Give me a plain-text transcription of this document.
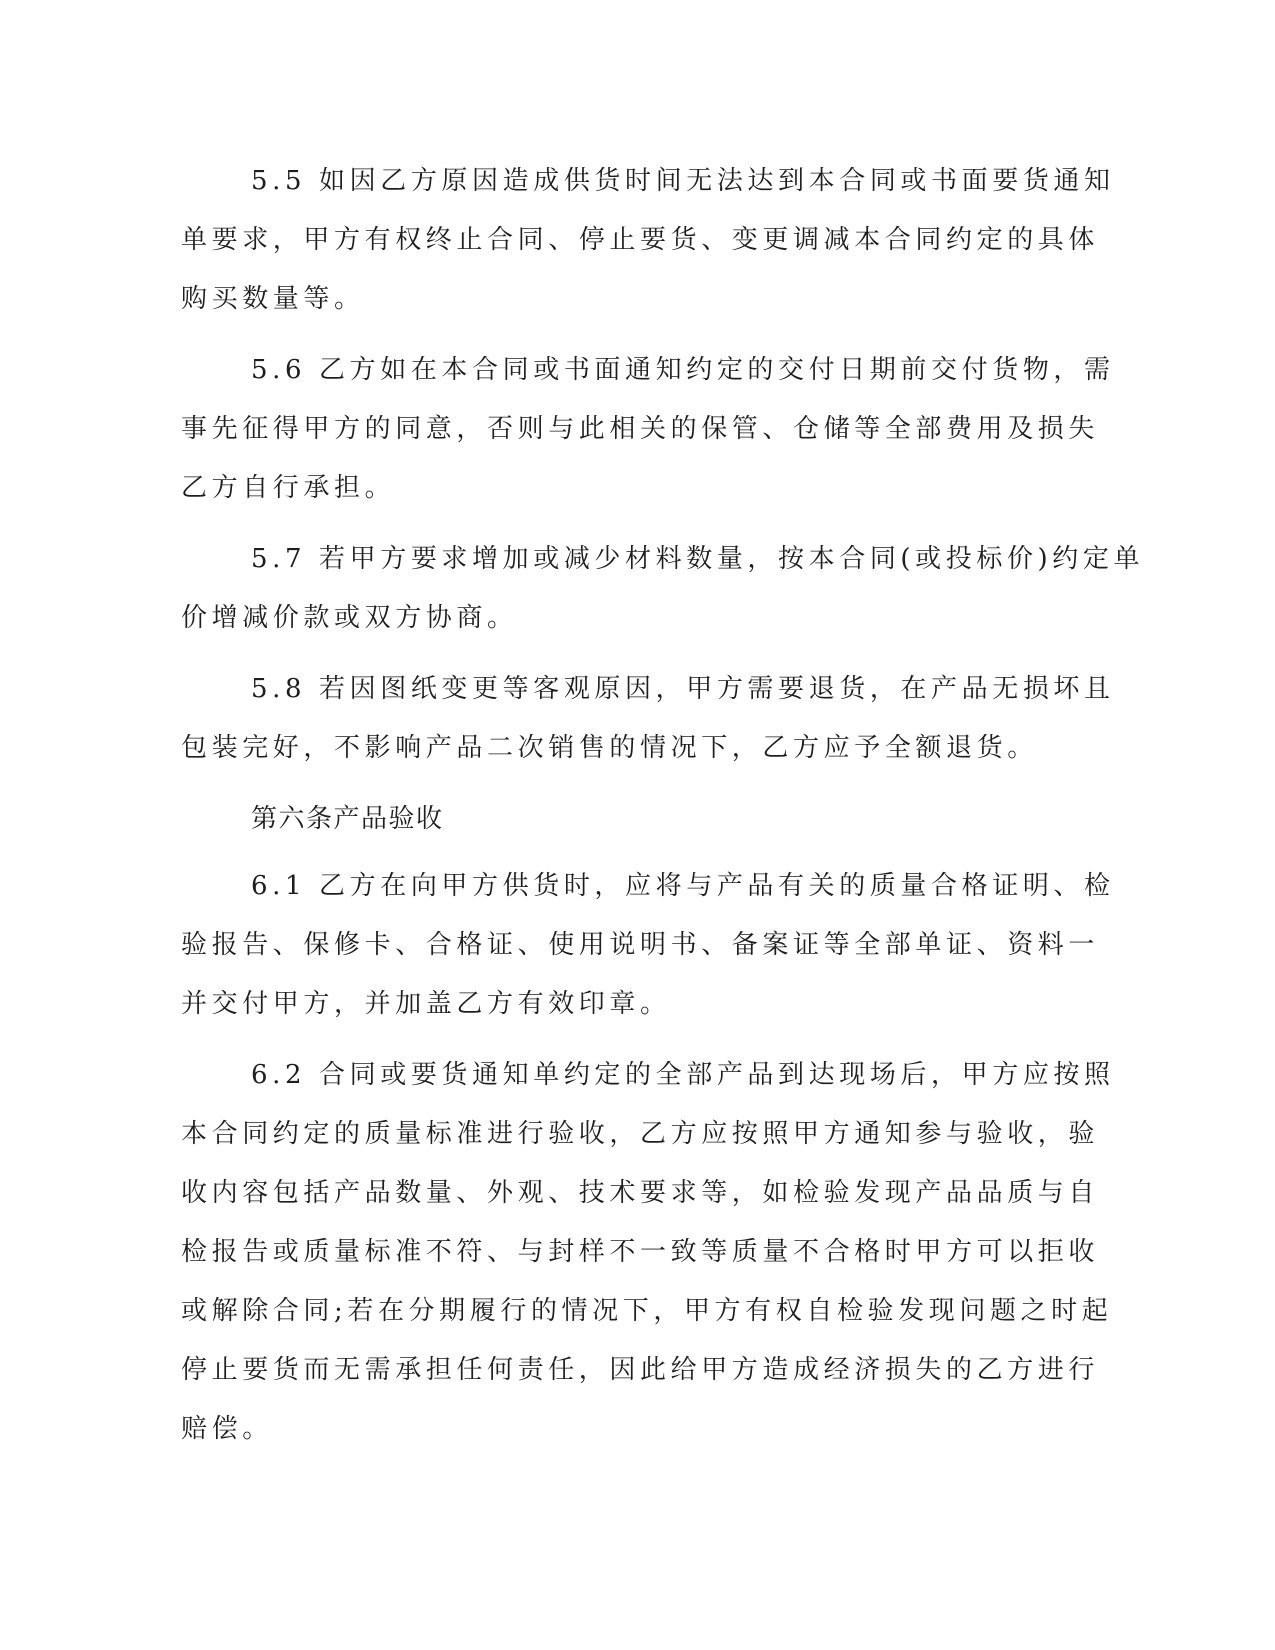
5.5 如因乙方原因造成供货时间无法达到本合同或书面要货通知
单要求，甲方有权终止合同、停止要货、变更调减本合同约定的具体
购买数量等。

5.6 乙方如在本合同或书面通知约定的交付日期前交付货物，需
事先征得甲方的同意，否则与此相关的保管、仓储等全部费用及损失
乙方自行承担。

5.7 若甲方要求增加或减少材料数量，按本合同(或投标价)约定单
价增减价款或双方协商。

5.8 若因图纸变更等客观原因，甲方需要退货，在产品无损坏且
包装完好，不影响产品二次销售的情况下，乙方应予全额退货。

第六条产品验收

6.1 乙方在向甲方供货时，应将与产品有关的质量合格证明、检
验报告、保修卡、合格证、使用说明书、备案证等全部单证、资料一
并交付甲方，并加盖乙方有效印章。

6.2 合同或要货通知单约定的全部产品到达现场后，甲方应按照
本合同约定的质量标准进行验收，乙方应按照甲方通知参与验收，验
收内容包括产品数量、外观、技术要求等，如检验发现产品品质与自
检报告或质量标准不符、与封样不一致等质量不合格时甲方可以拒收
或解除合同;若在分期履行的情况下，甲方有权自检验发现问题之时起
停止要货而无需承担任何责任，因此给甲方造成经济损失的乙方进行
赔偿。
